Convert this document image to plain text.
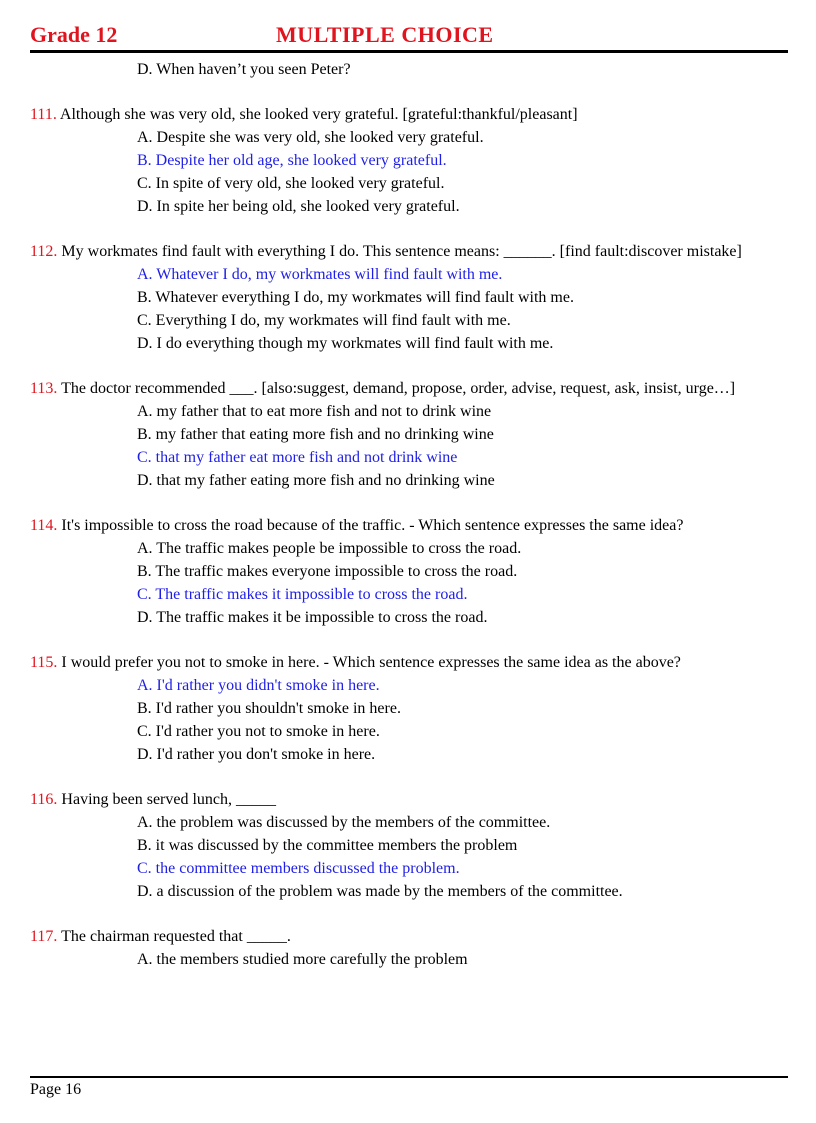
Grade 12	MULTIPLE CHOICE
D. When haven’t you seen Peter?
111. Although she was very old, she looked very grateful. [grateful:thankful/pleasant]
A. Despite she was very old, she looked very grateful.
B. Despite her old age, she looked very grateful.
C. In spite of very old, she looked very grateful.
D. In spite her being old, she looked very grateful.
112. My workmates find fault with everything I do. This sentence means: ______. [find fault:discover mistake]
A. Whatever I do, my workmates will find fault with me.
B. Whatever everything I do, my workmates will find fault with me.
C. Everything I do, my workmates will find fault with me.
D. I do everything though my workmates will find fault with me.
113. The doctor recommended ___. [also:suggest, demand, propose, order, advise, request, ask, insist, urge…]
A. my father that to eat more fish and not to drink wine
B. my father that eating more fish and no drinking wine
C. that my father eat more fish and not drink wine
D. that my father eating more fish and no drinking wine
114. It's impossible to cross the road because of the traffic. - Which sentence expresses the same idea?
A. The traffic makes people be impossible to cross the road.
B. The traffic makes everyone impossible to cross the road.
C. The traffic makes it impossible to cross the road.
D. The traffic makes it be impossible to cross the road.
115. I would prefer you not to smoke in here. - Which sentence expresses the same idea as the above?
A. I'd rather you didn't smoke in here.
B. I'd rather you shouldn't smoke in here.
C. I'd rather you not to smoke in here.
D. I'd rather you don't smoke in here.
116. Having been served lunch, _____
A. the problem was discussed by the members of the committee.
B. it was discussed by the committee members the problem
C. the committee members discussed the problem.
D. a discussion of the problem was made by the members of the committee.
117. The chairman requested that _____.
A. the members studied more carefully the problem
Page 16
